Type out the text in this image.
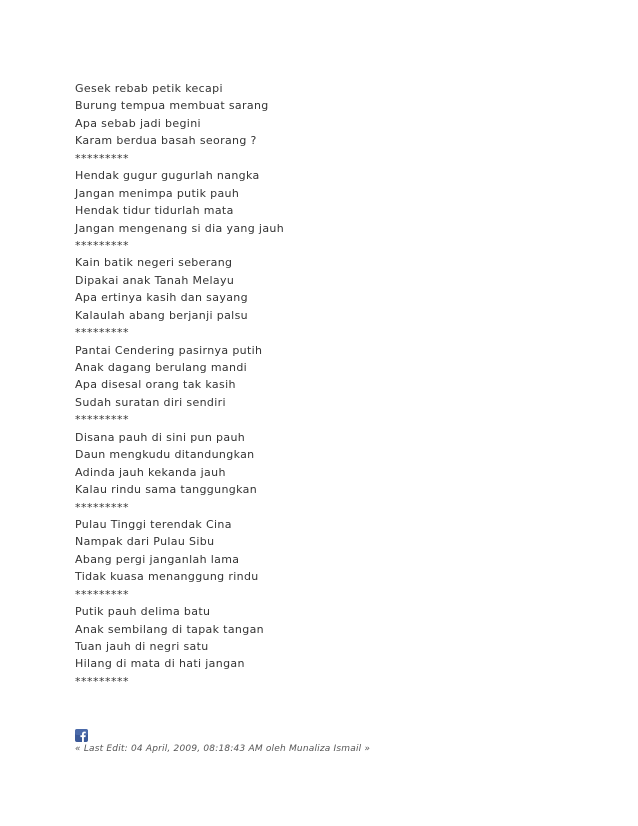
Gesek rebab petik kecapi
Burung tempua membuat sarang
Apa sebab jadi begini
Karam berdua basah seorang ?
*********
Hendak gugur gugurlah nangka
Jangan menimpa putik pauh
Hendak tidur tidurlah mata
Jangan mengenang si dia yang jauh
*********
Kain batik negeri seberang
Dipakai anak Tanah Melayu
Apa ertinya kasih dan sayang
Kalaulah abang berjanji palsu
*********
Pantai Cendering pasirnya putih
Anak dagang berulang mandi
Apa disesal orang tak kasih
Sudah suratan diri sendiri
*********
Disana pauh di sini pun pauh
Daun mengkudu ditandungkan
Adinda jauh kekanda jauh
Kalau rindu sama tanggungkan
*********
Pulau Tinggi terendak Cina
Nampak dari Pulau Sibu
Abang pergi janganlah lama
Tidak kuasa menanggung rindu
*********
Putik pauh delima batu
Anak sembilang di tapak tangan
Tuan jauh di negri satu
Hilang di mata di hati jangan
*********
« Last Edit: 04 April, 2009, 08:18:43 AM oleh Munaliza Ismail »
